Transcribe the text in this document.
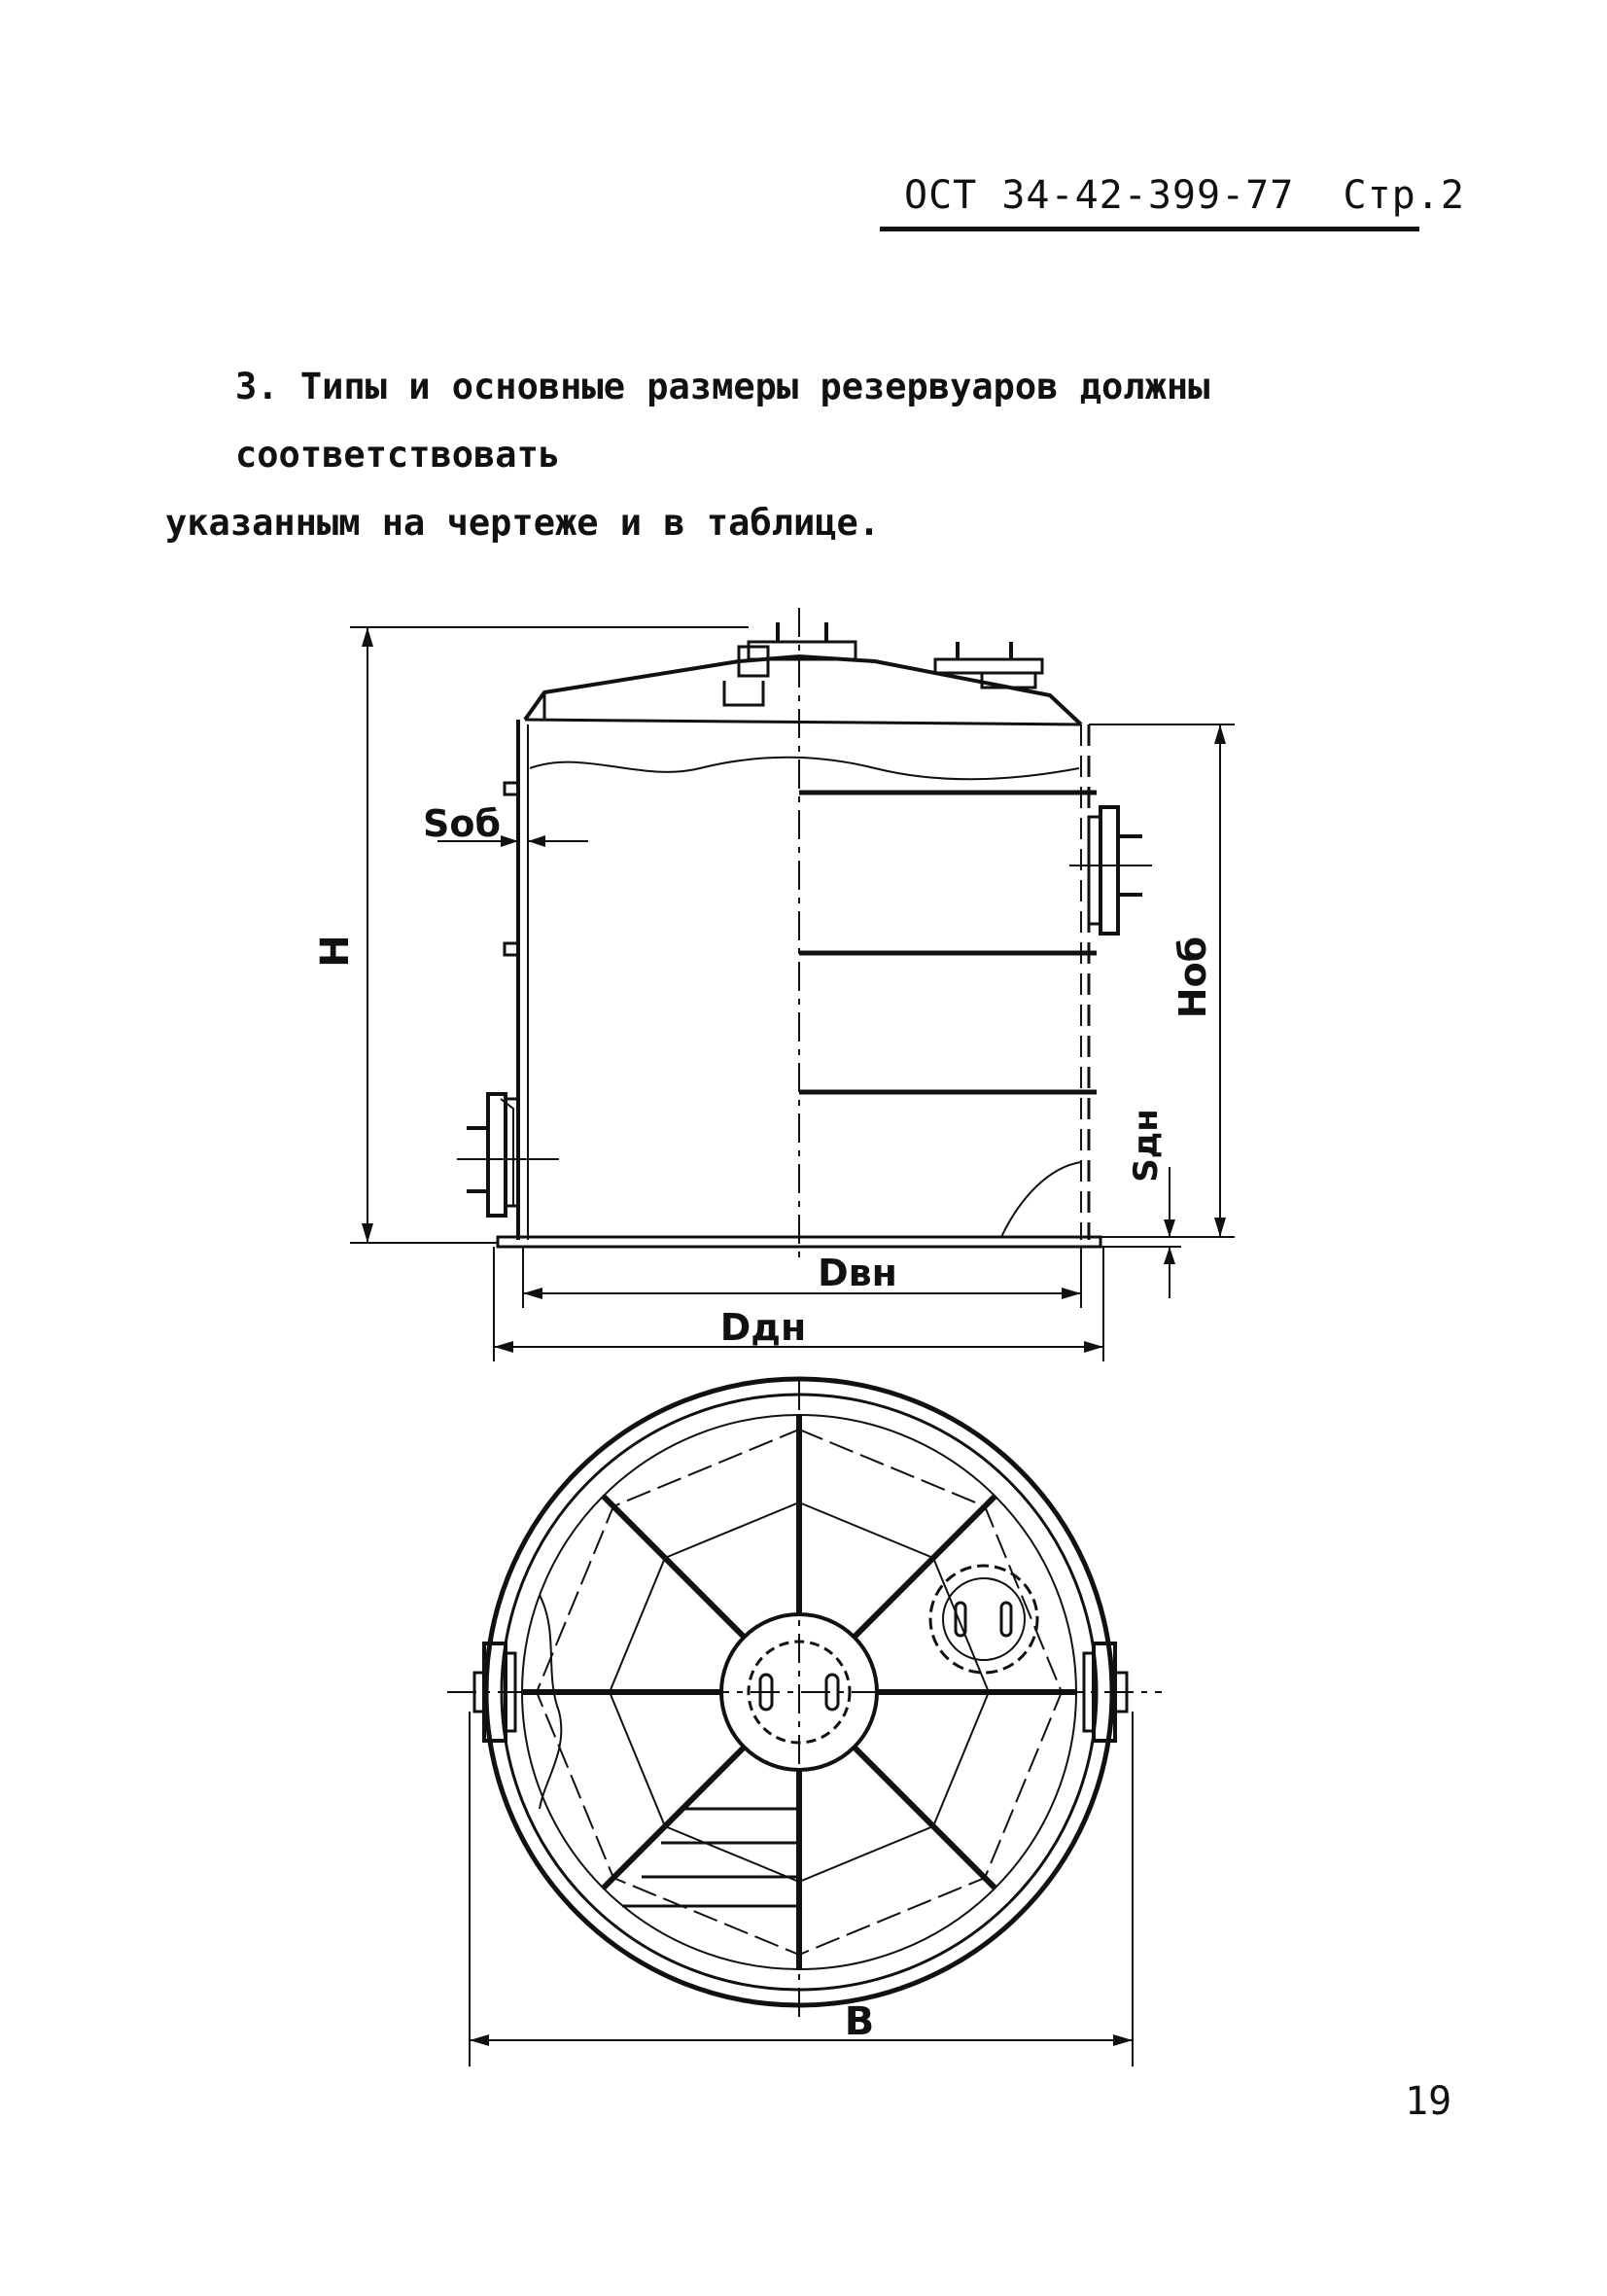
ОСТ 34-42-399-77 Стр.2
3. Типы и основные размеры резервуаров должны соответствовать
указанным на чертеже и в таблице.
H
Sоб
Hоб
Sдн
Dвн
Dдн
B
19
